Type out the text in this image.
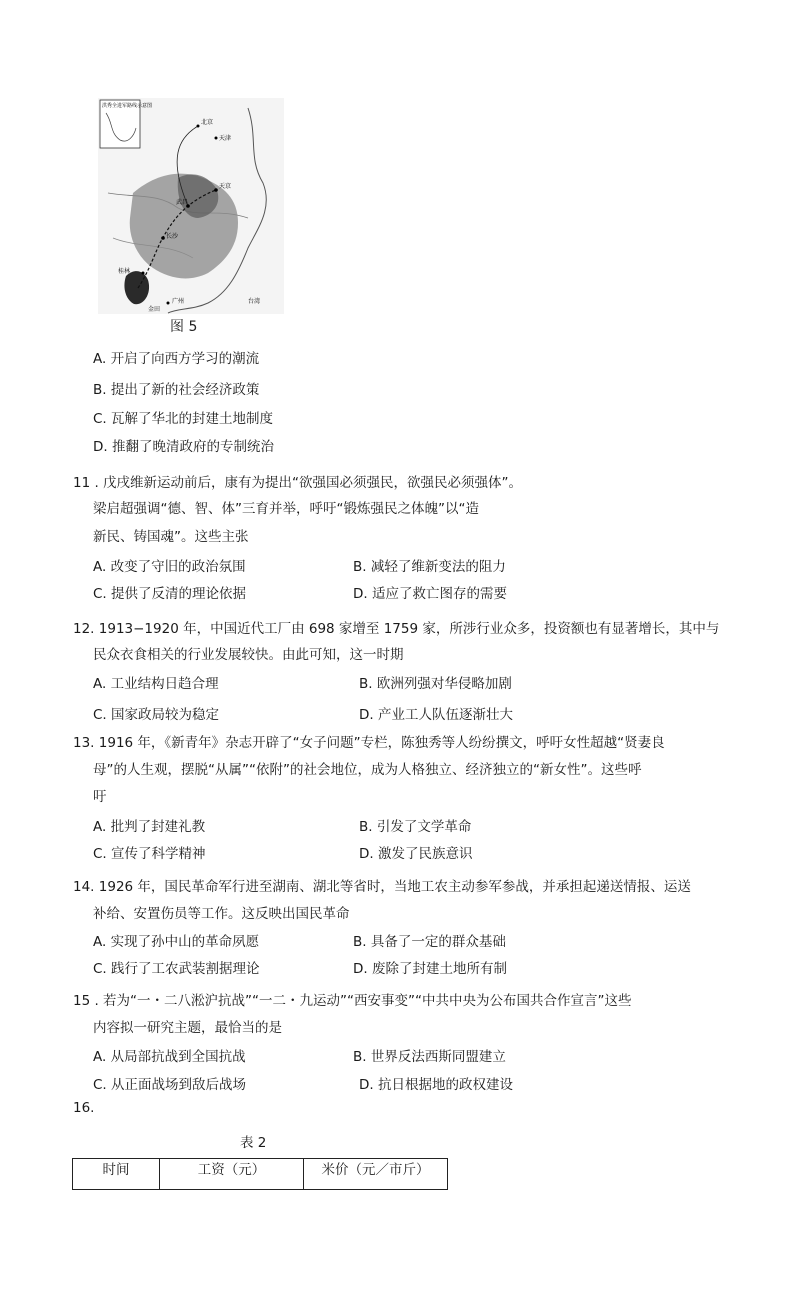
洪秀全进军路线示意图
天京
武昌
长沙
桂林
广州
金田
北京
天津
台湾
图 5
A. 开启了向西方学习的潮流
B. 提出了新的社会经济政策
C. 瓦解了华北的封建土地制度
D. 推翻了晚清政府的专制统治
11 . 戊戌维新运动前后，康有为提出“欲强国必须强民，欲强民必须强体”。
梁启超强调“德、智、体”三育并举，呼吁“锻炼强民之体魄”以“造
新民、铸国魂”。这些主张
A. 改变了守旧的政治氛围	B. 减轻了维新变法的阻力
C. 提供了反清的理论依据	D. 适应了救亡图存的需要
12. 1913−1920 年，中国近代工厂由 698 家增至 1759 家，所涉行业众多，投资额也有显著增长，其中与
民众衣食相关的行业发展较快。由此可知，这一时期
A. 工业结构日趋合理	B. 欧洲列强对华侵略加剧
C. 国家政局较为稳定	D. 产业工人队伍逐渐壮大
13. 1916 年，《新青年》杂志开辟了“女子问题”专栏，陈独秀等人纷纷撰文，呼吁女性超越“贤妻良
母”的人生观，摆脱“从属”“依附”的社会地位，成为人格独立、经济独立的“新女性”。这些呼
吁
A. 批判了封建礼教	B. 引发了文学革命
C. 宣传了科学精神	D. 激发了民族意识
14. 1926 年，国民革命军行进至湖南、湖北等省时，当地工农主动参军参战，并承担起递送情报、运送
补给、安置伤员等工作。这反映出国民革命
A. 实现了孙中山的革命夙愿	B. 具备了一定的群众基础
C. 践行了工农武装割据理论	D. 废除了封建土地所有制
15 . 若为“一・二八淞沪抗战”“一二・九运动”“西安事变”“中共中央为公布国共合作宣言”这些
内容拟一研究主题，最恰当的是
A. 从局部抗战到全国抗战	B. 世界反法西斯同盟建立
C. 从正面战场到敌后战场	D. 抗日根据地的政权建设
16.
表 2
时间	工资（元）	米价（元／市斤）
